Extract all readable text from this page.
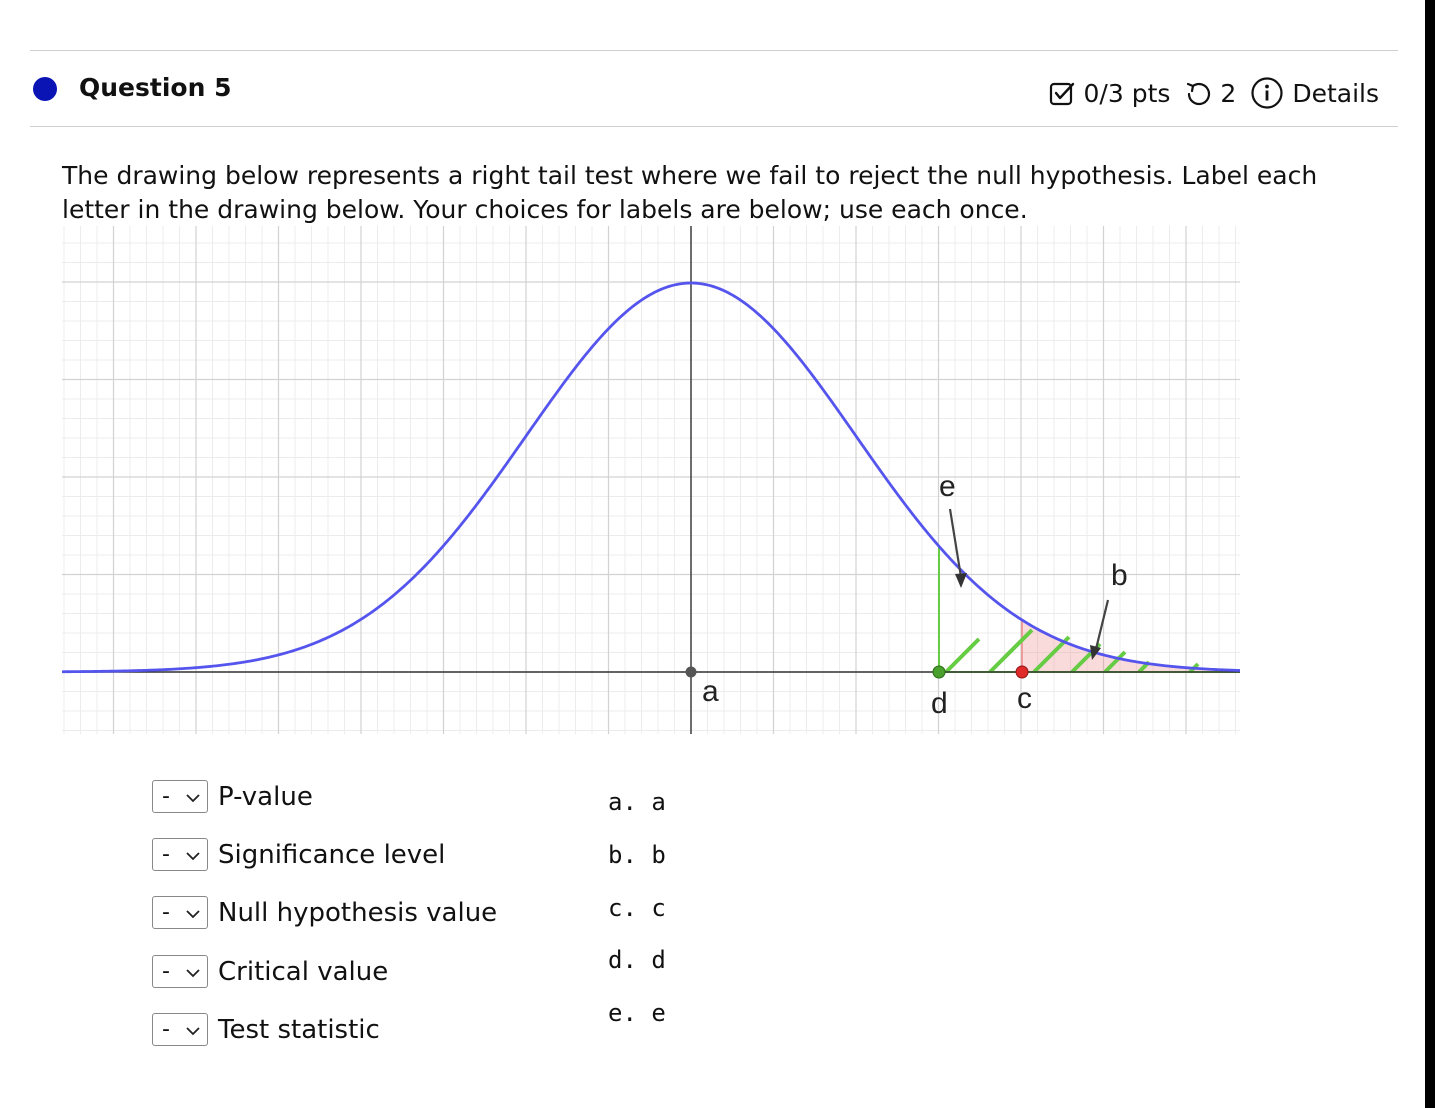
Question 5	0/3 pts 2 Details
The drawing below represents a right tail test where we fail to reject the null hypothesis. Label each letter in the drawing below. Your choices for labels are below; use each once.
a
b
c
d
e
- P-value
- Significance level
- Null hypothesis value
- Critical value
- Test statistic
a. a
b. b
c. c
d. d
e. e
